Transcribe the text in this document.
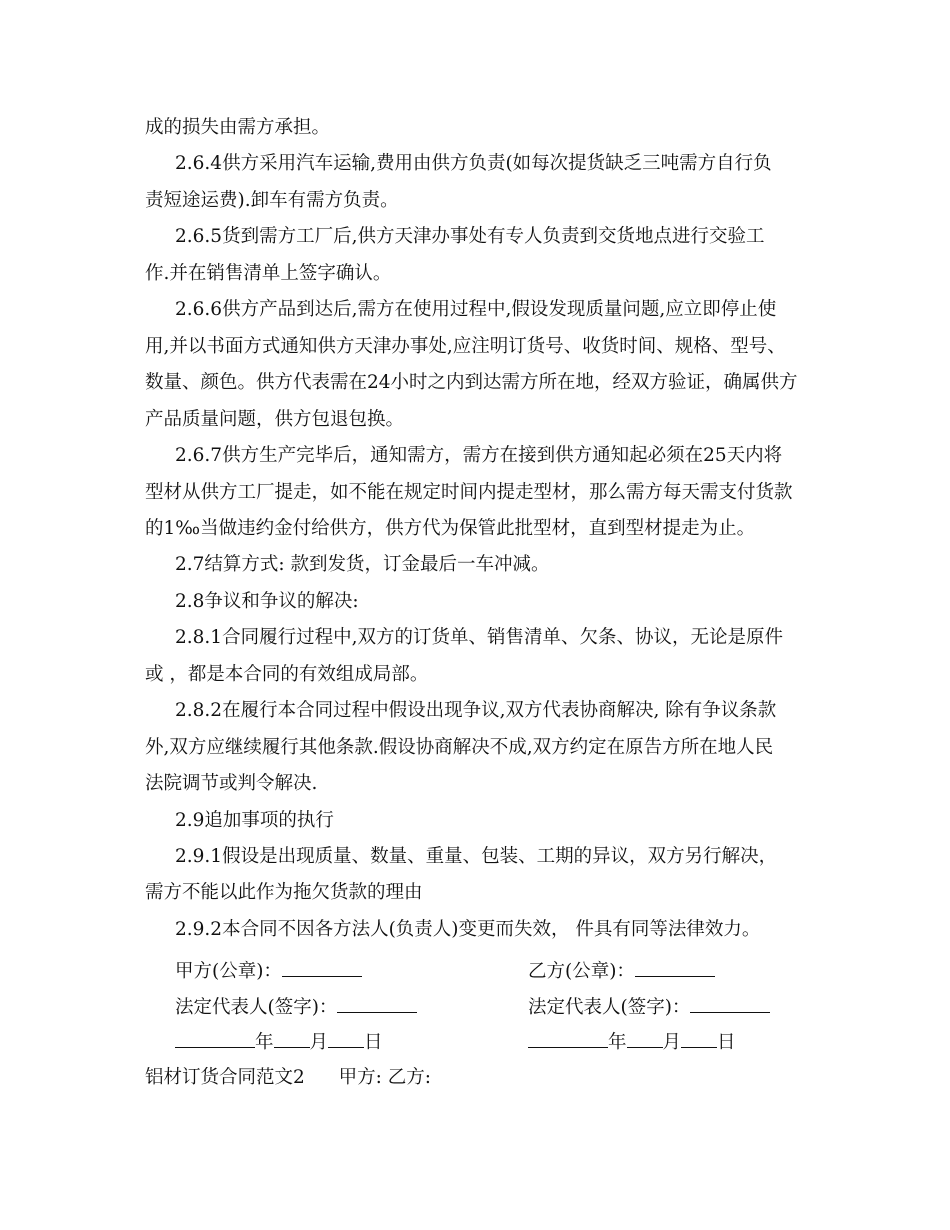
成的损失由需方承担。
2.6.4供方采用汽车运输,费用由供方负责(如每次提货缺乏三吨需方自行负
责短途运费).卸车有需方负责。
2.6.5货到需方工厂后,供方天津办事处有专人负责到交货地点进行交验工
作.并在销售清单上签字确认。
2.6.6供方产品到达后,需方在使用过程中,假设发现质量问题,应立即停止使
用,并以书面方式通知供方天津办事处,应注明订货号、收货时间、规格、型号、
数量、颜色。供方代表需在24小时之内到达需方所在地，经双方验证，确属供方
产品质量问题，供方包退包换。
2.6.7供方生产完毕后，通知需方，需方在接到供方通知起必须在25天内将
型材从供方工厂提走，如不能在规定时间内提走型材，那么需方每天需支付货款
的1‰当做违约金付给供方，供方代为保管此批型材，直到型材提走为止。
2.7结算方式: 款到发货，订金最后一车冲减。
2.8争议和争议的解决:
2.8.1合同履行过程中,双方的订货单、销售清单、欠条、协议，无论是原件
或 ，都是本合同的有效组成局部。
2.8.2在履行本合同过程中假设出现争议,双方代表协商解决, 除有争议条款
外,双方应继续履行其他条款.假设协商解决不成,双方约定在原告方所在地人民
法院调节或判令解决.
2.9追加事项的执行
2.9.1假设是出现质量、数量、重量、包装、工期的异议，双方另行解决，
需方不能以此作为拖欠货款的理由
2.9.2本合同不因各方法人(负责人)变更而失效， 件具有同等法律效力。
甲方(公章)：	乙方(公章)：
法定代表人(签字)：	法定代表人(签字)：
年 月 日	年 月 日
铝材订货合同范文2 甲方: 乙方:
